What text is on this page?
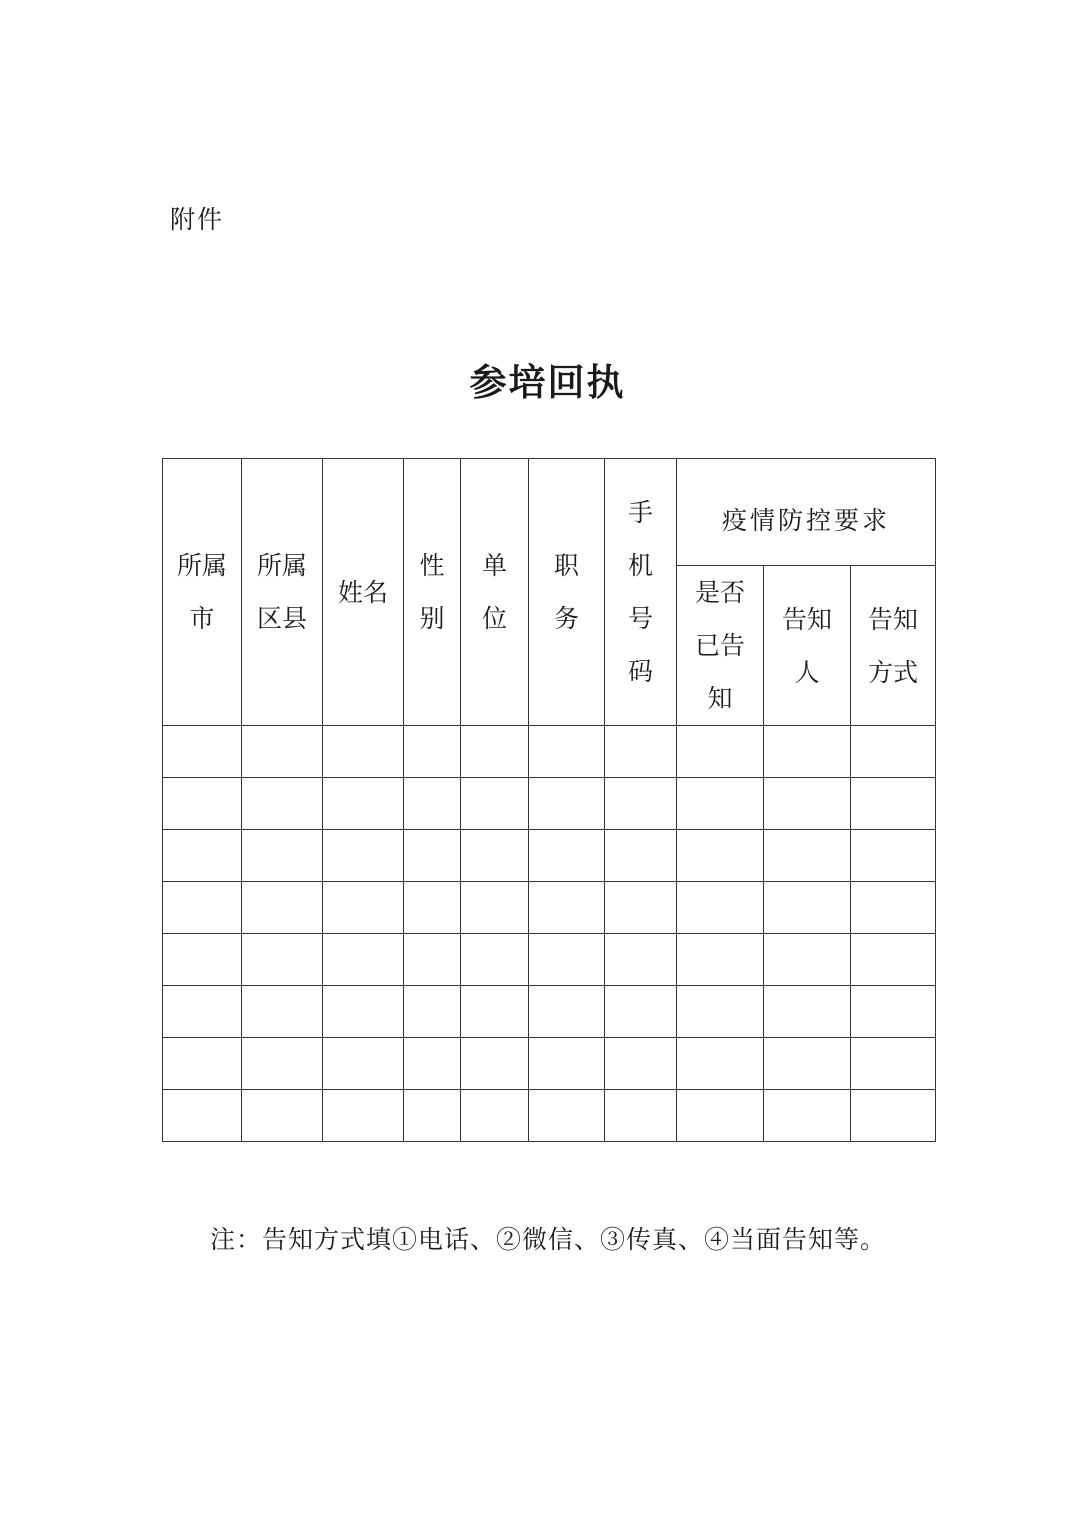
附件
参培回执
所属市	所属区县	姓名	性别	单位	职务	手机号码	疫情防控要求		
							是否已告知	告知人	告知方式

注：告知方式填①电话、②微信、③传真、④当面告知等。
